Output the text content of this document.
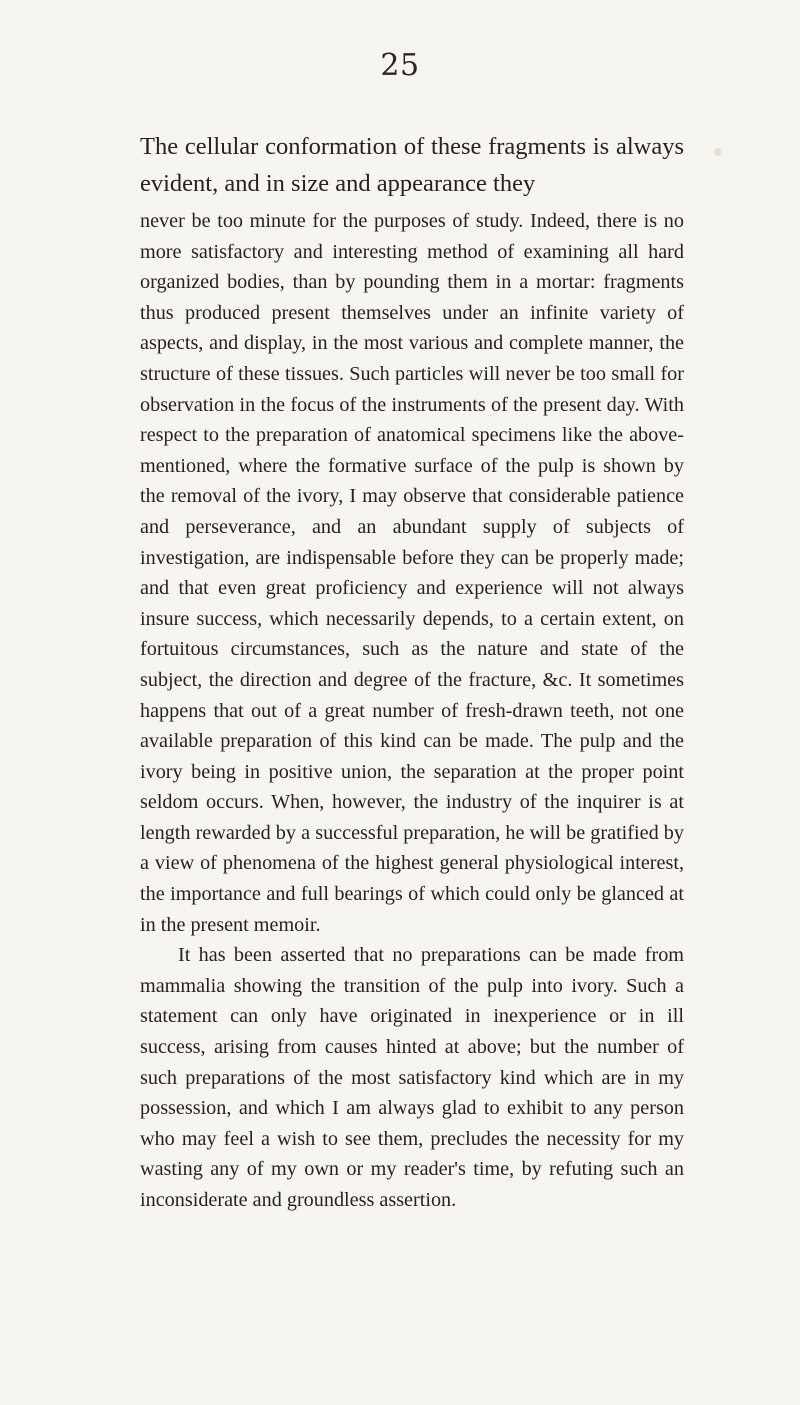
25

The cellular conformation of these fragments is always evident, and in size and appearance they

never be too minute for the purposes of study. Indeed, there is no more satisfactory and interesting method of examining all hard organized bodies, than by pounding them in a mortar: fragments thus produced present themselves under an infinite variety of aspects, and display, in the most various and complete manner, the structure of these tissues. Such particles will never be too small for observation in the focus of the instruments of the present day. With respect to the preparation of anatomical specimens like the above-mentioned, where the formative surface of the pulp is shown by the removal of the ivory, I may observe that considerable patience and perseverance, and an abundant supply of subjects of investigation, are indispensable before they can be properly made; and that even great proficiency and experience will not always insure success, which necessarily depends, to a certain extent, on fortuitous circumstances, such as the nature and state of the subject, the direction and degree of the fracture, &c. It sometimes happens that out of a great number of fresh-drawn teeth, not one available preparation of this kind can be made. The pulp and the ivory being in positive union, the separation at the proper point seldom occurs. When, however, the industry of the inquirer is at length rewarded by a successful preparation, he will be gratified by a view of phenomena of the highest general physiological interest, the importance and full bearings of which could only be glanced at in the present memoir.

It has been asserted that no preparations can be made from mammalia showing the transition of the pulp into ivory. Such a statement can only have originated in inexperience or in ill success, arising from causes hinted at above; but the number of such preparations of the most satisfactory kind which are in my possession, and which I am always glad to exhibit to any person who may feel a wish to see them, precludes the necessity for my wasting any of my own or my reader's time, by refuting such an inconsiderate and groundless assertion.
